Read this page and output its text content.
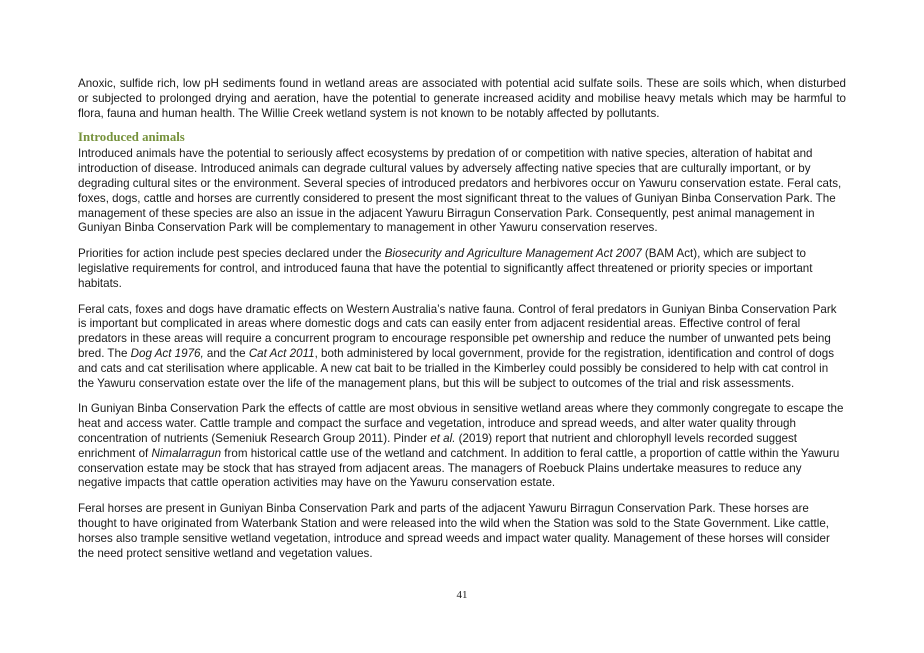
Anoxic, sulfide rich, low pH sediments found in wetland areas are associated with potential acid sulfate soils. These are soils which, when disturbed or subjected to prolonged drying and aeration, have the potential to generate increased acidity and mobilise heavy metals which may be harmful to flora, fauna and human health. The Willie Creek wetland system is not known to be notably affected by pollutants.

Introduced animals

Introduced animals have the potential to seriously affect ecosystems by predation of or competition with native species, alteration of habitat and introduction of disease. Introduced animals can degrade cultural values by adversely affecting native species that are culturally important, or by degrading cultural sites or the environment. Several species of introduced predators and herbivores occur on Yawuru conservation estate. Feral cats, foxes, dogs, cattle and horses are currently considered to present the most significant threat to the values of Guniyan Binba Conservation Park. The management of these species are also an issue in the adjacent Yawuru Birragun Conservation Park. Consequently, pest animal management in Guniyan Binba Conservation Park will be complementary to management in other Yawuru conservation reserves.

Priorities for action include pest species declared under the Biosecurity and Agriculture Management Act 2007 (BAM Act), which are subject to legislative requirements for control, and introduced fauna that have the potential to significantly affect threatened or priority species or important habitats.

Feral cats, foxes and dogs have dramatic effects on Western Australia’s native fauna. Control of feral predators in Guniyan Binba Conservation Park is important but complicated in areas where domestic dogs and cats can easily enter from adjacent residential areas. Effective control of feral predators in these areas will require a concurrent program to encourage responsible pet ownership and reduce the number of unwanted pets being bred. The Dog Act 1976, and the Cat Act 2011, both administered by local government, provide for the registration, identification and control of dogs and cats and cat sterilisation where applicable. A new cat bait to be trialled in the Kimberley could possibly be considered to help with cat control in the Yawuru conservation estate over the life of the management plans, but this will be subject to outcomes of the trial and risk assessments.

In Guniyan Binba Conservation Park the effects of cattle are most obvious in sensitive wetland areas where they commonly congregate to escape the heat and access water. Cattle trample and compact the surface and vegetation, introduce and spread weeds, and alter water quality through concentration of nutrients (Semeniuk Research Group 2011). Pinder et al. (2019) report that nutrient and chlorophyll levels recorded suggest enrichment of Nimalarragun from historical cattle use of the wetland and catchment. In addition to feral cattle, a proportion of cattle within the Yawuru conservation estate may be stock that has strayed from adjacent areas. The managers of Roebuck Plains undertake measures to reduce any negative impacts that cattle operation activities may have on the Yawuru conservation estate.

Feral horses are present in Guniyan Binba Conservation Park and parts of the adjacent Yawuru Birragun Conservation Park. These horses are thought to have originated from Waterbank Station and were released into the wild when the Station was sold to the State Government. Like cattle, horses also trample sensitive wetland vegetation, introduce and spread weeds and impact water quality. Management of these horses will consider the need protect sensitive wetland and vegetation values.

41
